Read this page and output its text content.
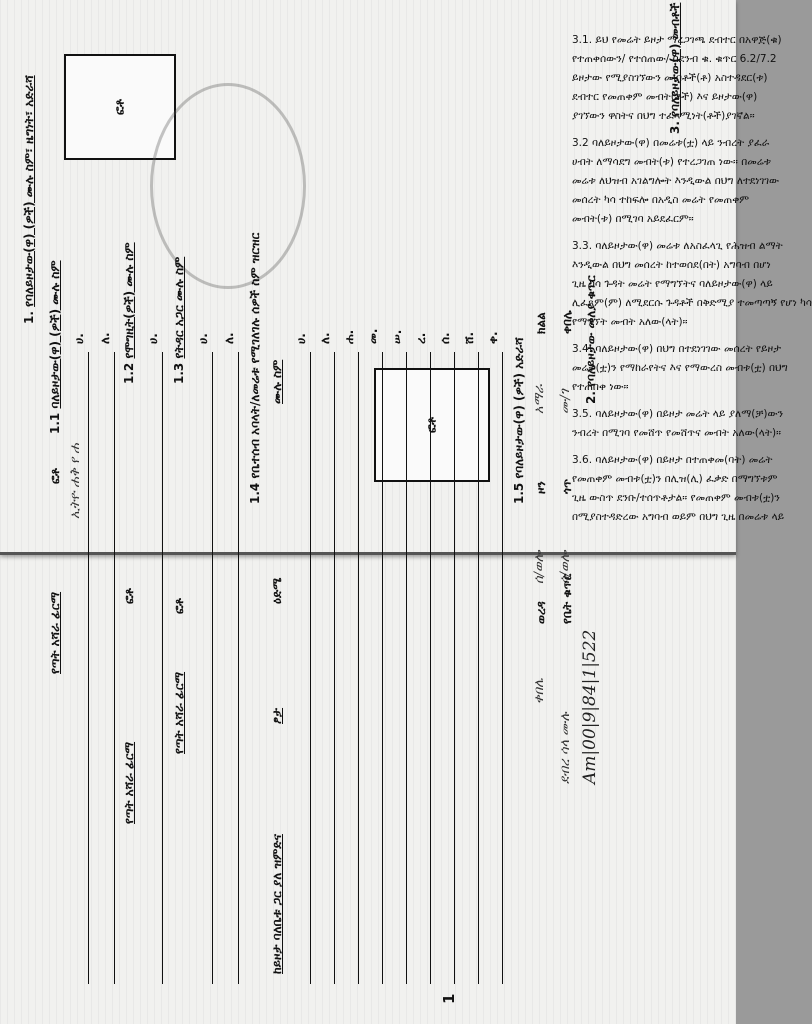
ፎቶ
ፎቶ
1. የባለይዞታው(ዋ) (ዎች) ሙሉ ስም፣ ዜግነት፣ አድራሻ
1.1 ባለይዞታው(ዋ) (ዎች) ሙሉ ስም
ፎቶ
የጣት አሻራ ፊርማ
ሀ.
ኢትዮ ሐቅ የ ሐ
ለ.
1.2 የሞግዚት(ዎች) ሙሉ ስም
ፎቶ
የጣት አሻራ ፊርማ
ሀ.
1.3 የትዳር አጋር ሙሉ ስም
ፎቶ
የጣት አሻራ ፊርማ
ሀ. ለ.
1.4 የቤተሰብ አባላት/ለመሬቱ የሚገለገሉ ሰዎች ስም ዝርዝር ሙሉ ስም
ዕድሜ
ፆታ
ከይዞታ ባለቤቱ ጋር ያለ ዝምድና
ሀ. ለ. ሐ. መ. ሠ. ረ. ሰ. ሸ. ቀ.
1.5 የባለይዞታው(ዋ) (ዎች) አድራሻ
ክልል
አማራ
ዞን
ሰ/ወሎ
ወረዳ
ቀበሌ
ቀበሌ
ሙ/ገ
ጎጥ
ሰ/ወሎ
የቤት ቁጥር
ደብረ ሳላ ሙሉ
2. የባለይዞታው መለያ ቁጥር
Am|00|9|84|1|522
3. የባለይዞታው(ዋ) መብቶች
3.1. ይህ የመሬት ይዞታ ማረጋገጫ ደብተር በአዋጅ(ቁ)
የተጠቀሰውን/ የተሰጠው/ በደንብ ቁ. ቁጥር 6.2/7.2
ይዞታው የሚያስገኘውን መብቶች(ቶ) አስተዳደር(ቱ)
ደብተር የመጠቀም መብት(ቶች) እና ይዞታው(ዋ)
ያገኘውን ዋስትና በህግ ተፈጻሚነት(ቶች)ያገኛል።
3.2 ባለይዞታው(ዋ) በመሬቱ(ቷ) ላይ ንብረት ያፈራ
ሀብት ለማሳደግ መብት(ቱ) የተረጋገጠ ነው። በመሬቱ
መሬቱ ለህዝብ አገልግሎት እንዲውል በህግ ለተደነገገው
መሰረት ካሳ ተከፍሎ በአዲስ መሬት የመጠቀም
መብት(ቱ) በሚገባ አይደፈርም።
3.3. ባለይዞታው(ዋ) መሬቱ ለአስፈላጊ የሕዝብ ልማት
እንዲውል በህግ መሰረት ከተወሰደ(በት) አግባብ በሆነ
ጊዜ ካሳ ጉዳት መሬት የማግኘትና ባለይዞታው(ዋ) ላይ
ሊፈጸም(ም) ለሚደርሱ ጉዳቶች በቅድሚያ ተመጣጣኝ የሆነ ካሳ
የማግኘት መብት አለው(ላት)።
3.4. ባለይዞታው(ዋ) በህግ በተደነገገው መሰረት የይዞታ
መሬቱ(ቷ)ን የማከራየትና እና የማውረስ መብቱ(ቷ) በህግ
የተጠበቀ ነው።
3.5. ባለይዞታው(ዋ) በይዞታ መሬት ላይ ያለማ(ቻ)ውን
ንብረት በሚገባ የመሸጥ የመሸጥና መብት አለው(ላት)።
3.6. ባለይዞታው(ዋ) በይዞታ በተጠቀመ(ባት) መሬት
የመጠቀም መብቱ(ቷ)ን በሊዝ(ሊ) ፈቃድ በማግኘቱም
ጊዜ ውስጥ ደንቡ/ተሰጥቶታል። የመጠቀም መብቱ(ቷ)ን
በሚያስተዳድረው አግባብ ወይም በህግ ጊዜ በመሬቱ ላይ
1
